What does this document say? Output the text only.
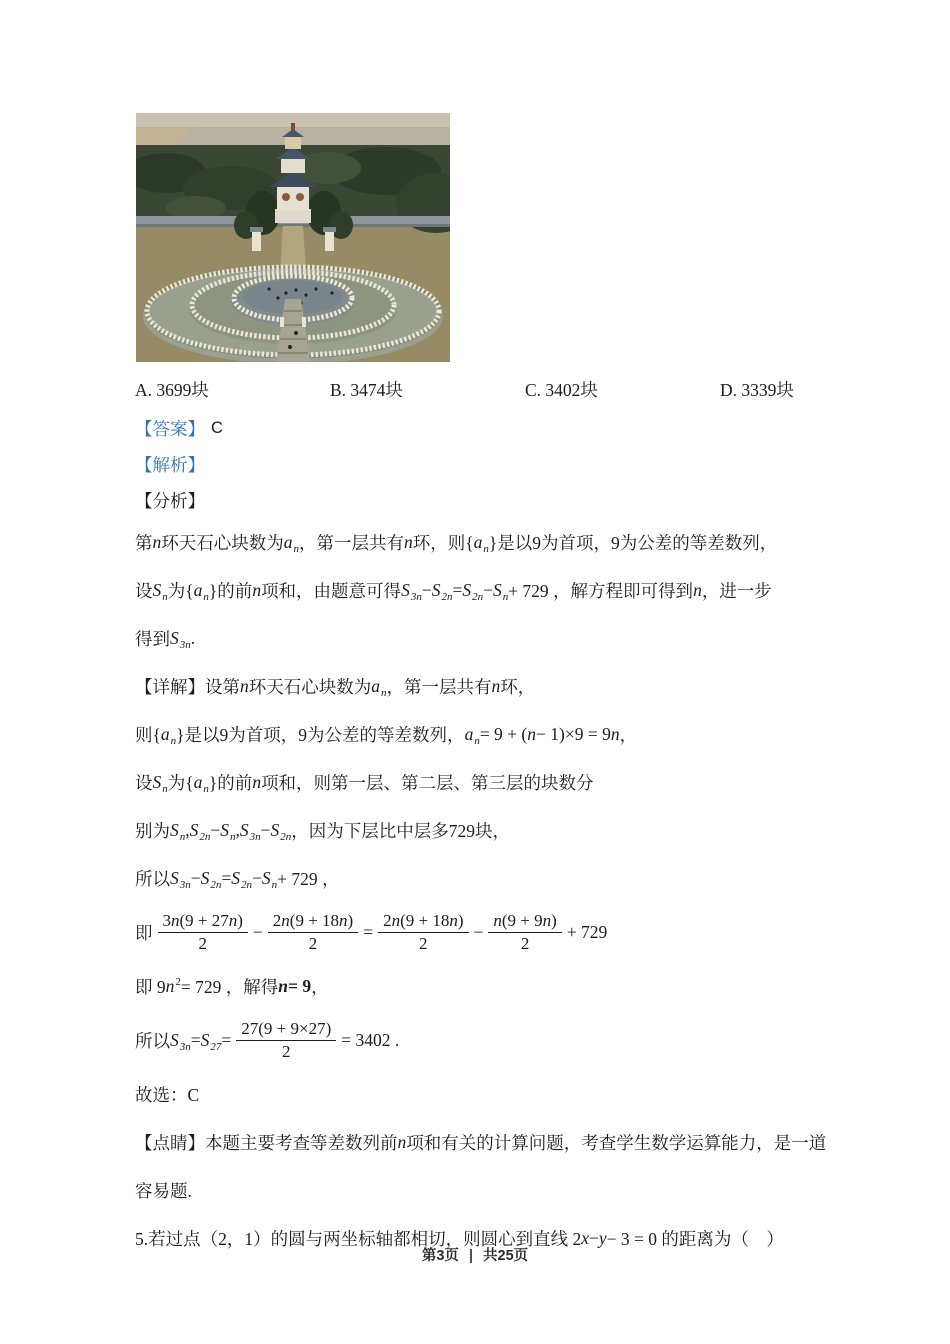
A. 3699块	B. 3474块	C. 3402块	D. 3339块
【答案】 C
【解析】
【分析】
第 n 环天石心块数为 $a_n$ ，第一层共有 n 环，则{ $a_n$ }是以9为首项，9为公差的等差数列，
设 $S_n$ 为{ $a_n$ }的前 n 项和，由题意可得 $S_{3n} - S_{2n} = S_{2n} - S_n + 729$ ，解方程即可得到 n ，进一步
得到 $S_{3n}$ .
【详解】设第 n 环天石心块数为 $a_n$ ，第一层共有 n 环，
则{ $a_n$ }是以9为首项，9为公差的等差数列， $a_n = 9$ + ( n − 1)×9 = 9 n ，
设 $S_n$ 为{ $a_n$ }的前 n 项和，则第一层、第二层、第三层的块数分
别为 $S_n$ , $S_{2n} - S_n$ , $S_{3n} - S_{2n}$ ，因为下层比中层多729块，
所以 $S_{3n} - S_{2n} = S_{2n} - S_n + 729$ ，
即 $\frac{3n(9 + 27n)}{2} - \frac{2n(9 + 18n)}{2} = \frac{2n(9 + 18n)}{2} - \frac{n(9 + 9n)}{2} + 729$
即 9 $n^2 = 729$ ，解得 n = 9 ，
所以 $S_{3n} = S_{27} = \frac{27(9 + 9\times 27)}{2} = 3402$ .
故选：C
【点睛】本题主要考查等差数列前 n 项和有关的计算问题，考查学生数学运算能力，是一道
容易题.
5.若过点（2，1）的圆与两坐标轴都相切，则圆心到直线 2 x − y − 3 = 0 的距离为（　）
第3页 | 共25页
